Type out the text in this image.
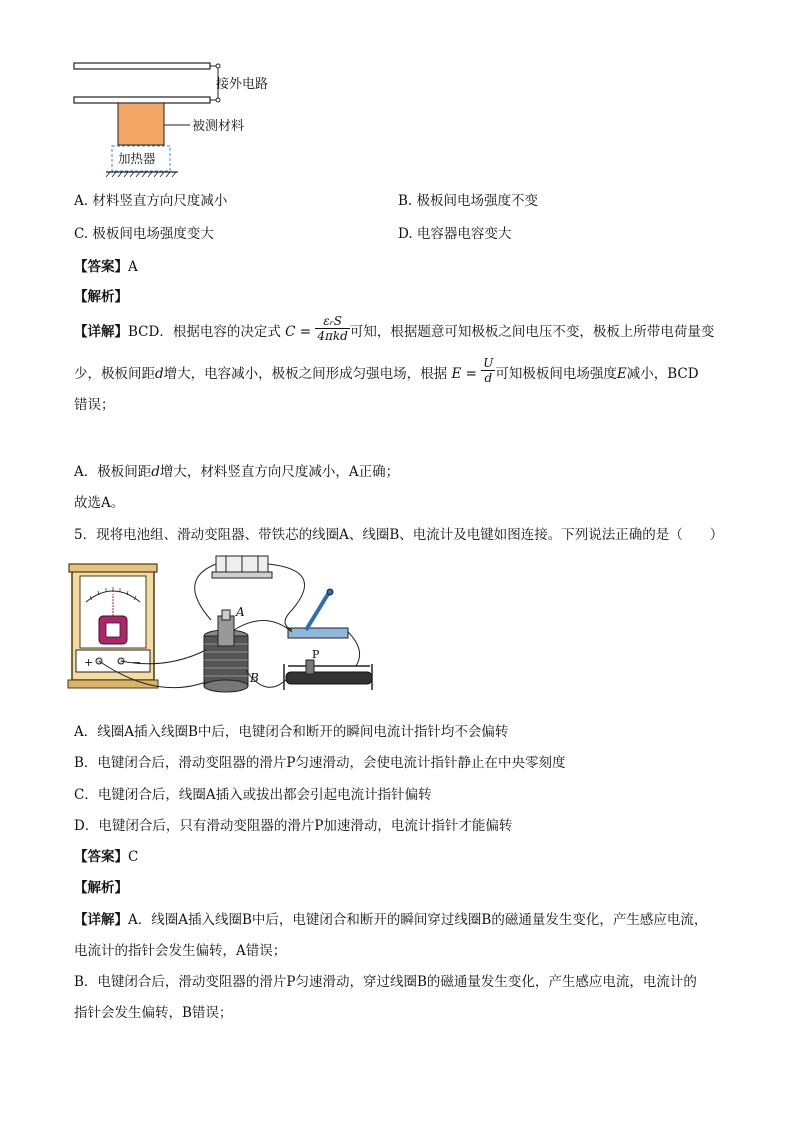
接外电路
被测材料
加热器
A. 材料竖直方向尺度减小	B. 极板间电场强度不变
C. 极板间电场强度变大	D. 电容器电容变大
【答案】A
【解析】
【详解】BCD．根据电容的决定式 $C = \frac{\text{εᵣS}}{\text{4πkd}}$ 可知，根据题意可知极板之间电压不变，极板上所带电荷量变
少，极板间距d增大，电容减小，极板之间形成匀强电场，根据 $E = \frac{U}{d}$ 可知极板间电场强度E减小，BCD
错误；
A．极板间距d增大，材料竖直方向尺度减小，A正确；
故选A。
5．现将电池组、滑动变阻器、带铁芯的线圈A、线圈B、电流计及电键如图连接。下列说法正确的是（　　）
+	−
A
B
P
A．线圈A插入线圈B中后，电键闭合和断开的瞬间电流计指针均不会偏转
B．电键闭合后，滑动变阻器的滑片P匀速滑动，会使电流计指针静止在中央零刻度
C．电键闭合后，线圈A插入或拔出都会引起电流计指针偏转
D．电键闭合后，只有滑动变阻器的滑片P加速滑动，电流计指针才能偏转
【答案】C
【解析】
【详解】A．线圈A插入线圈B中后，电键闭合和断开的瞬间穿过线圈B的磁通量发生变化，产生感应电流，
电流计的指针会发生偏转，A错误；
B．电键闭合后，滑动变阻器的滑片P匀速滑动，穿过线圈B的磁通量发生变化，产生感应电流，电流计的
指针会发生偏转，B错误；
